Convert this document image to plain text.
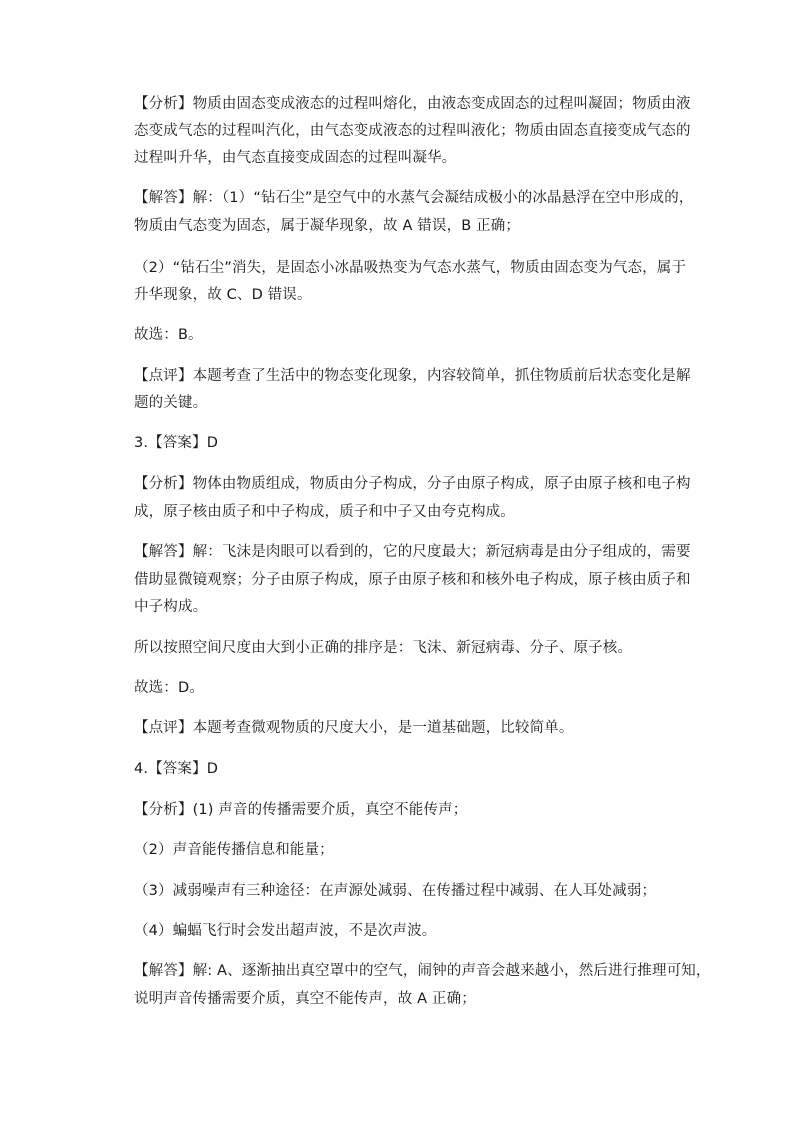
【分析】物质由固态变成液态的过程叫熔化，由液态变成固态的过程叫凝固；物质由液
态变成气态的过程叫汽化，由气态变成液态的过程叫液化；物质由固态直接变成气态的
过程叫升华，由气态直接变成固态的过程叫凝华。
【解答】解：（1）“钻石尘”是空气中的水蒸气会凝结成极小的冰晶悬浮在空中形成的，
物质由气态变为固态，属于凝华现象，故 A 错误，B 正确；
（2）“钻石尘”消失，是固态小冰晶吸热变为气态水蒸气，物质由固态变为气态，属于
升华现象，故 C、D 错误。
故选：B。
【点评】本题考查了生活中的物态变化现象，内容较简单，抓住物质前后状态变化是解
题的关键。
3.【答案】D
【分析】物体由物质组成，物质由分子构成，分子由原子构成，原子由原子核和电子构
成，原子核由质子和中子构成，质子和中子又由夸克构成。
【解答】解：飞沫是肉眼可以看到的，它的尺度最大；新冠病毒是由分子组成的，需要
借助显微镜观察；分子由原子构成，原子由原子核和和核外电子构成，原子核由质子和
中子构成。
所以按照空间尺度由大到小正确的排序是：飞沫、新冠病毒、分子、原子核。
故选：D。
【点评】本题考查微观物质的尺度大小，是一道基础题，比较简单。
4.【答案】D
【分析】(1) 声音的传播需要介质，真空不能传声；
（2）声音能传播信息和能量；
（3）减弱噪声有三种途径：在声源处减弱、在传播过程中减弱、在人耳处减弱；
（4）蝙蝠飞行时会发出超声波，不是次声波。
【解答】解: A、逐渐抽出真空罩中的空气，闹钟的声音会越来越小，然后进行推理可知，
说明声音传播需要介质，真空不能传声，故 A 正确；
